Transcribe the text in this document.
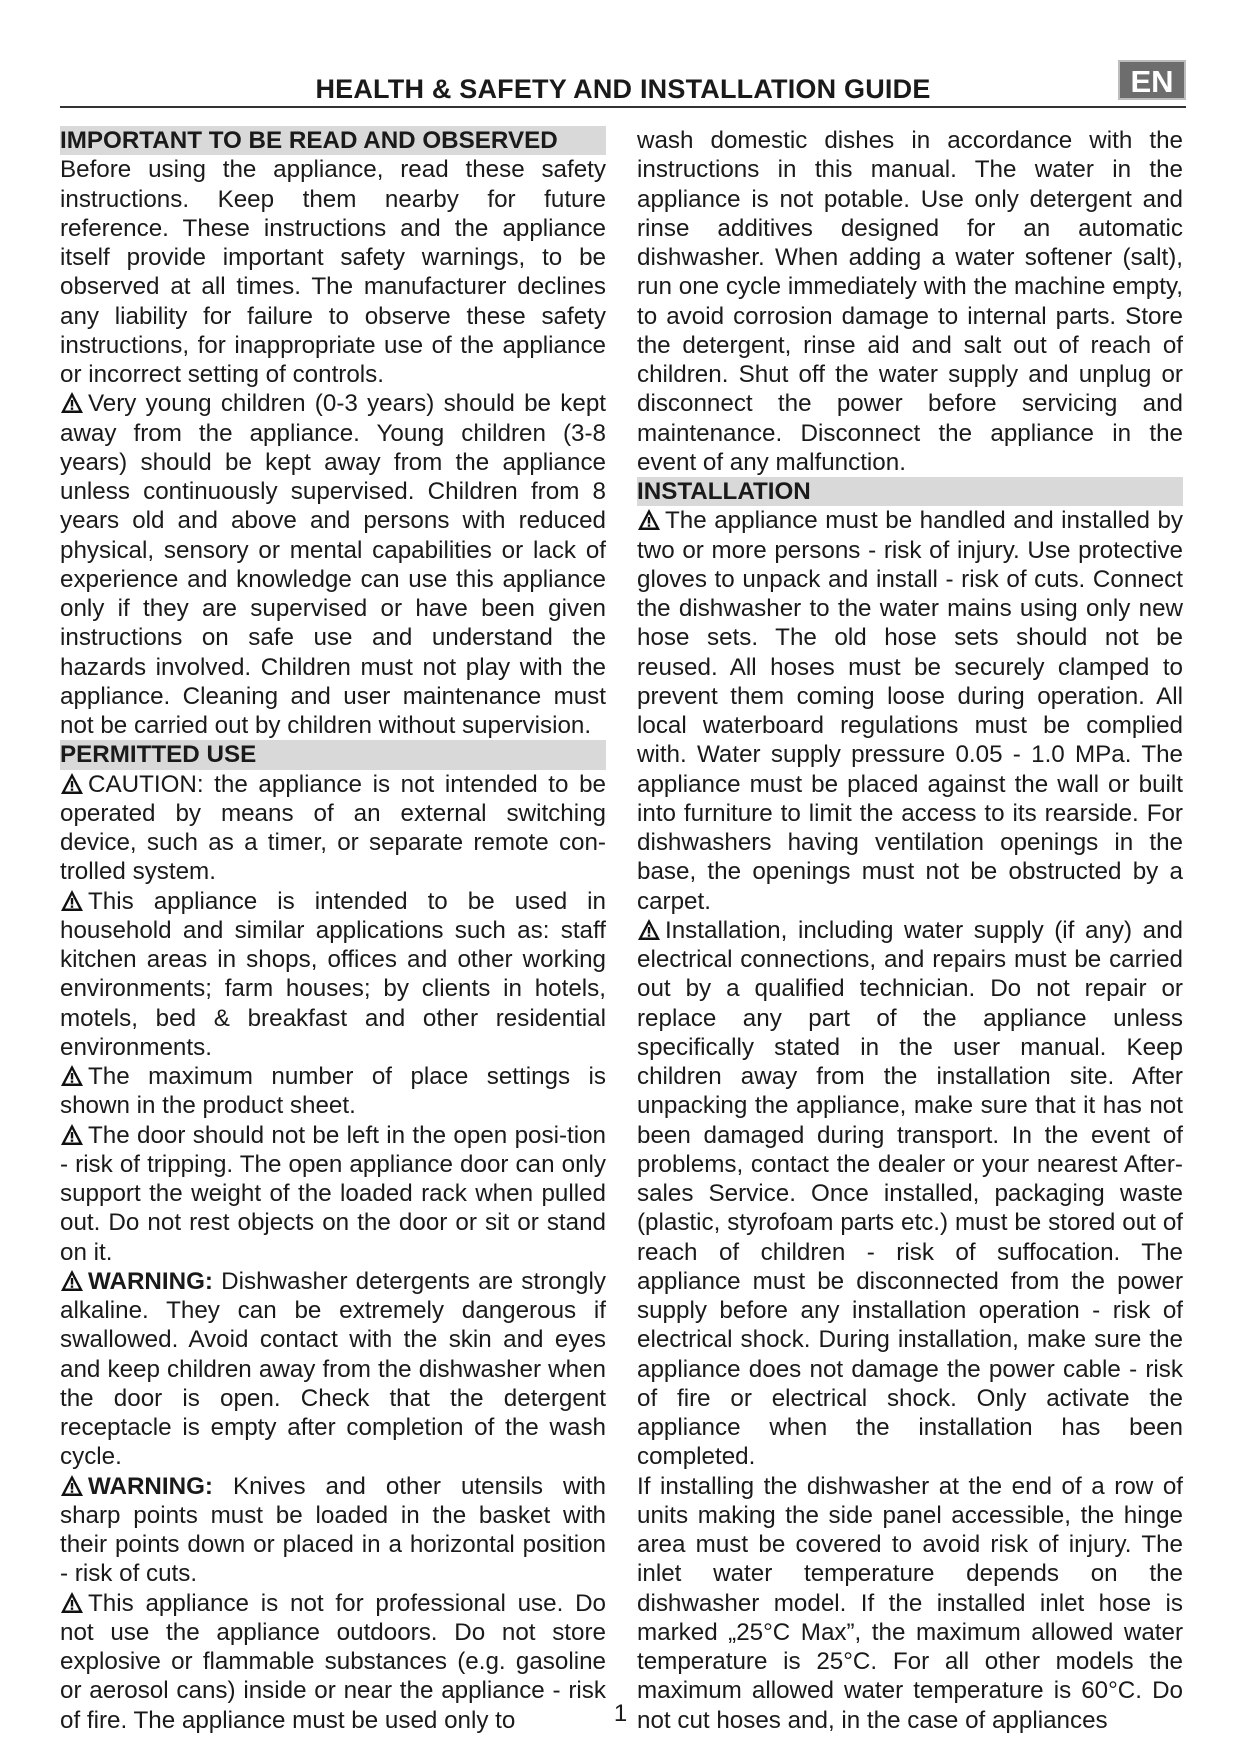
HEALTH & SAFETY AND INSTALLATION GUIDE	EN

IMPORTANT TO BE READ AND OBSERVED

Before using the appliance, read these safety instructions. Keep them nearby for future reference. These instructions and the appliance itself provide important safety warnings, to be observed at all times. The manufacturer declines any liability for failure to observe these safety instructions, for inappropriate use of the appliance or incorrect setting of controls.

Very young children (0-3 years) should be kept away from the appliance. Young children (3-8 years) should be kept away from the appliance unless continuously supervised. Children from 8 years old and above and persons with reduced physical, sensory or mental capabilities or lack of experience and knowledge can use this appliance only if they are supervised or have been given instructions on safe use and understand the hazards involved. Children must not play with the appliance. Cleaning and user maintenance must not be carried out by children without supervision.

PERMITTED USE

CAUTION: the appliance is not intended to be operated by means of an external switching device, such as a timer, or separate remote con-trolled system.

This appliance is intended to be used in household and similar applications such as: staff kitchen areas in shops, offices and other working environments; farm houses; by clients in hotels, motels, bed & breakfast and other residential environments.

The maximum number of place settings is shown in the product sheet.

The door should not be left in the open posi-tion - risk of tripping. The open appliance door can only support the weight of the loaded rack when pulled out. Do not rest objects on the door or sit or stand on it.

WARNING: Dishwasher detergents are strongly alkaline. They can be extremely dangerous if swallowed. Avoid contact with the skin and eyes and keep children away from the dishwasher when the door is open. Check that the detergent receptacle is empty after completion of the wash cycle.

WARNING: Knives and other utensils with sharp points must be loaded in the basket with their points down or placed in a horizontal position - risk of cuts.

This appliance is not for professional use. Do not use the appliance outdoors. Do not store explosive or flammable substances (e.g. gasoline or aerosol cans) inside or near the appliance - risk of fire. The appliance must be used only to

wash domestic dishes in accordance with the instructions in this manual. The water in the appliance is not potable. Use only detergent and rinse additives designed for an automatic dishwasher. When adding a water softener (salt), run one cycle immediately with the machine empty, to avoid corrosion damage to internal parts. Store the detergent, rinse aid and salt out of reach of children. Shut off the water supply and unplug or disconnect the power before servicing and maintenance. Disconnect the appliance in the event of any malfunction.

INSTALLATION

The appliance must be handled and installed by two or more persons - risk of injury. Use protective gloves to unpack and install - risk of cuts. Connect the dishwasher to the water mains using only new hose sets. The old hose sets should not be reused. All hoses must be securely clamped to prevent them coming loose during operation. All local waterboard regulations must be complied with. Water supply pressure 0.05 - 1.0 MPa. The appliance must be placed against the wall or built into furniture to limit the access to its rearside. For dishwashers having ventilation openings in the base, the openings must not be obstructed by a carpet.

Installation, including water supply (if any) and electrical connections, and repairs must be carried out by a qualified technician. Do not repair or replace any part of the appliance unless specifically stated in the user manual. Keep children away from the installation site. After unpacking the appliance, make sure that it has not been damaged during transport. In the event of problems, contact the dealer or your nearest After-sales Service. Once installed, packaging waste (plastic, styrofoam parts etc.) must be stored out of reach of children - risk of suffocation. The appliance must be disconnected from the power supply before any installation operation - risk of electrical shock. During installation, make sure the appliance does not damage the power cable - risk of fire or electrical shock. Only activate the appliance when the installation has been completed.

If installing the dishwasher at the end of a row of units making the side panel accessible, the hinge area must be covered to avoid risk of injury. The inlet water temperature depends on the dishwasher model. If the installed inlet hose is marked „25°C Max”, the maximum allowed water temperature is 25°C. For all other models the maximum allowed water temperature is 60°C. Do not cut hoses and, in the case of appliances

1
